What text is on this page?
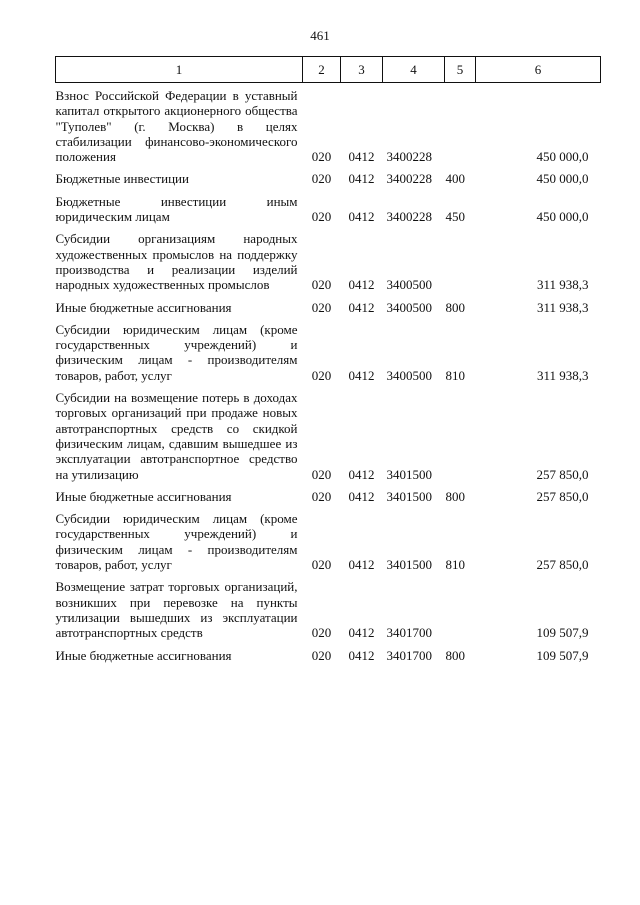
461
1	2	3	4	5	6
Взнос Российской Федерации в уставный капитал открытого акционерного общества "Туполев" (г. Москва) в целях стабилизации финансово-экономического положения	020	0412	3400228		450 000,0

Бюджетные инвестиции	020	0412	3400228	400	450 000,0

Бюджетные инвестиции иным юридическим лицам	020	0412	3400228	450	450 000,0

Субсидии организациям народных художественных промыслов на поддержку производства и реализации изделий народных художественных промыслов	020	0412	3400500		311 938,3

Иные бюджетные ассигнования	020	0412	3400500	800	311 938,3

Субсидии юридическим лицам (кроме государственных учреждений) и физическим лицам - производителям товаров, работ, услуг	020	0412	3400500	810	311 938,3

Субсидии на возмещение потерь в доходах торговых организаций при продаже новых автотранспортных средств со скидкой физическим лицам, сдавшим вышедшее из эксплуатации автотранспортное средство на утилизацию	020	0412	3401500		257 850,0

Иные бюджетные ассигнования	020	0412	3401500	800	257 850,0

Субсидии юридическим лицам (кроме государственных учреждений) и физическим лицам - производителям товаров, работ, услуг	020	0412	3401500	810	257 850,0

Возмещение затрат торговых организаций, возникших при перевозке на пункты утилизации вышедших из эксплуатации автотранспортных средств	020	0412	3401700		109 507,9

Иные бюджетные ассигнования	020	0412	3401700	800	109 507,9
